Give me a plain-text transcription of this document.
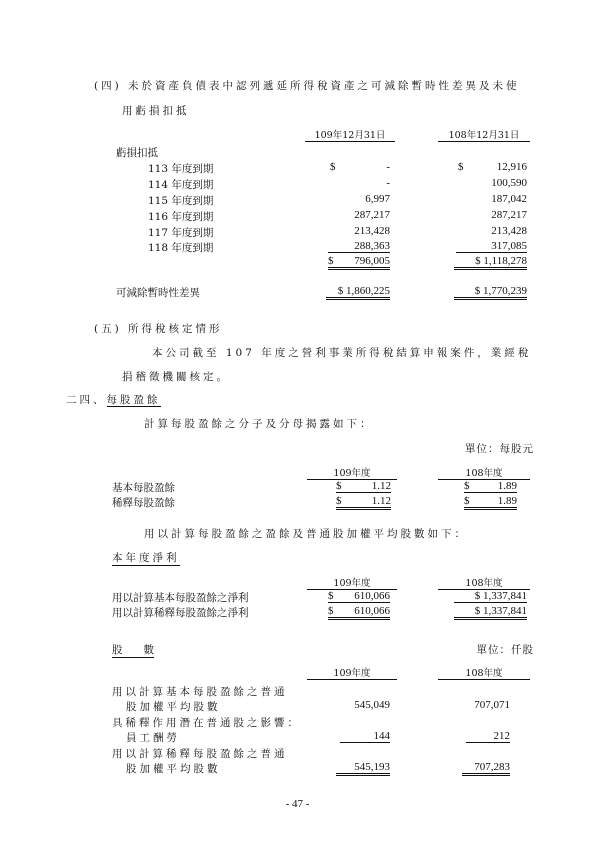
(四) 未於資產負債表中認列遞延所得稅資產之可減除暫時性差異及未使
用虧損扣抵
109年12月31日	108年12月31日
虧損扣抵
$	$
113 年度到期	-	12,916
114 年度到期	-	100,590
115 年度到期	6,997	187,042
116 年度到期	287,217	287,217
117 年度到期	213,428	213,428
118 年度到期	288,363	317,085
$ 796,005	$ 1,118,278
可減除暫時性差異	$ 1,860,225	$ 1,770,239
(五) 所得稅核定情形
本公司截至 107 年度之營利事業所得稅結算申報案件，業經稅
捐稽徵機關核定。
二四、每股盈餘
計算每股盈餘之分子及分母揭露如下：
單位：每股元
109年度	108年度
基本每股盈餘	$	1.12	$	1.89
稀釋每股盈餘	$	1.12	$	1.89
用以計算每股盈餘之盈餘及普通股加權平均股數如下：
本年度淨利
109年度	108年度
用以計算基本每股盈餘之淨利	$ 610,066	$ 1,337,841
用以計算稀釋每股盈餘之淨利	$ 610,066	$ 1,337,841
股　　數	單位：仟股
109年度	108年度
用以計算基本每股盈餘之普通
股加權平均股數	545,049	707,071
具稀釋作用潛在普通股之影響：
員工酬勞	144	212
用以計算稀釋每股盈餘之普通
股加權平均股數	545,193	707,283
- 47 -
